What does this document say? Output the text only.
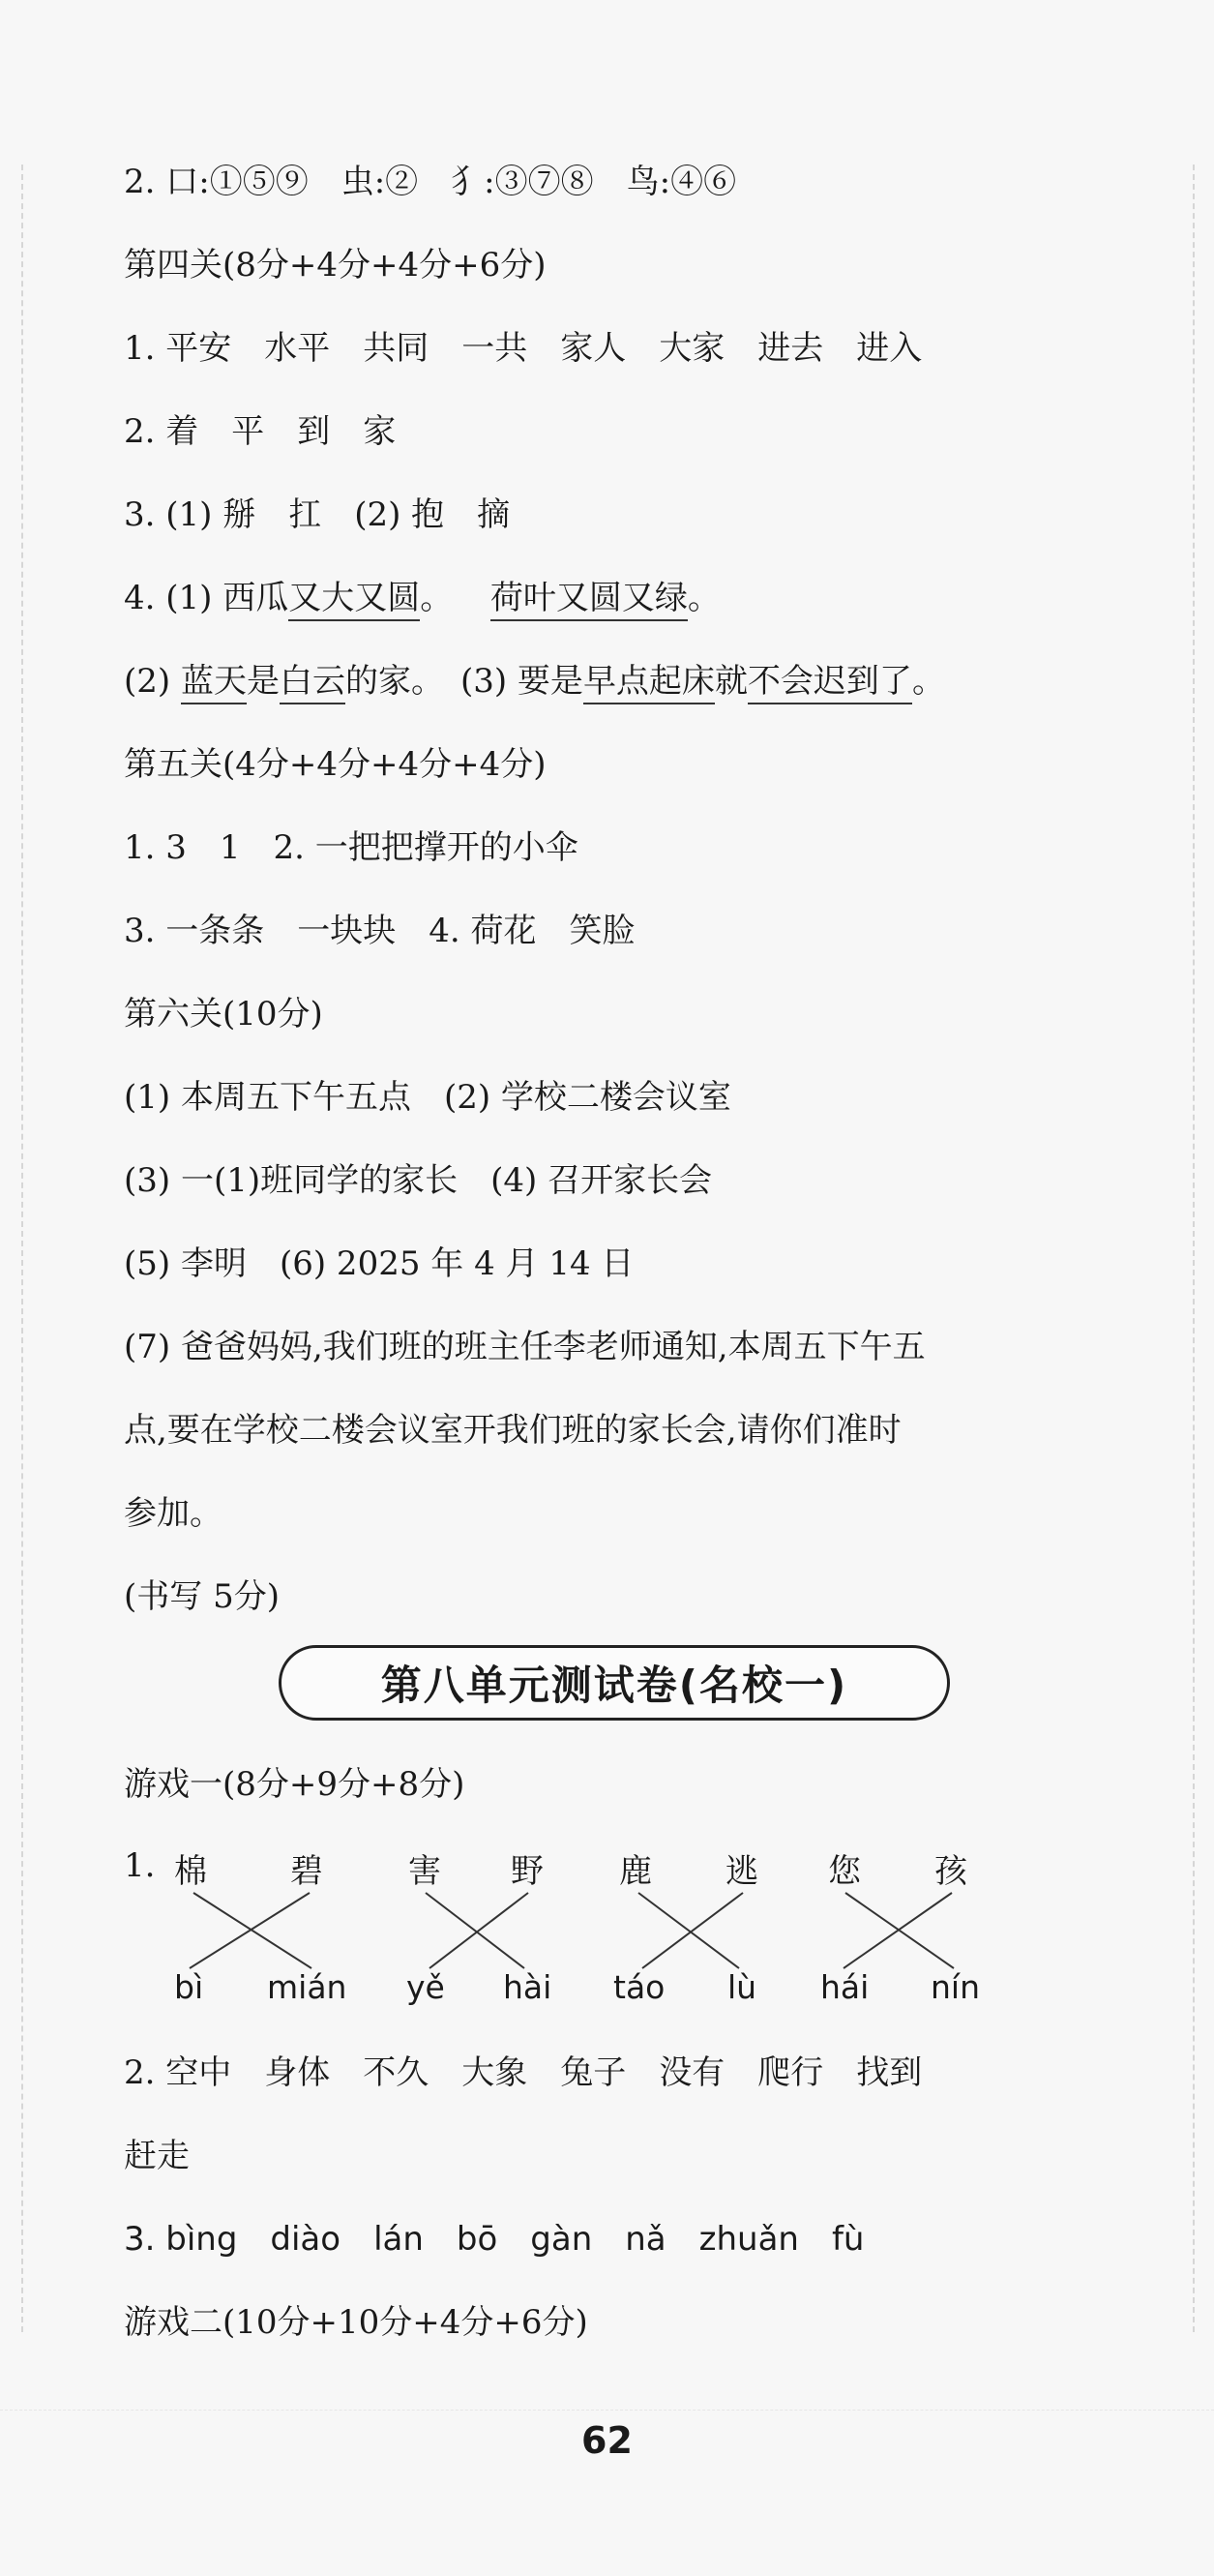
2. 口:①⑤⑨　虫:②　犭:③⑦⑧　鸟:④⑥
第四关(8分+4分+4分+6分)
1. 平安　水平　共同　一共　家人　大家　进去　进入
2. 着　平　到　家
3. (1) 掰　扛　(2) 抱　摘
4. (1) 西瓜又大又圆。　  荷叶又圆又绿。
(2) 蓝天是白云的家。　(3) 要是早点起床就不会迟到了。
第五关(4分+4分+4分+4分)
1. 3　1　2. 一把把撑开的小伞
3. 一条条　一块块　4. 荷花　笑脸
第六关(10分)
(1) 本周五下午五点　(2) 学校二楼会议室
(3) 一(1)班同学的家长　(4) 召开家长会
(5) 李明　(6) 2025 年 4 月 14 日
(7) 爸爸妈妈,我们班的班主任李老师通知,本周五下午五
点,要在学校二楼会议室开我们班的家长会,请你们准时
参加。
(书写 5分)
第八单元测试卷(名校一)
游戏一(8分+9分+8分)
1. 棉	碧	害 野 鹿 逃 您 孩
bì mián yě hài táo lù hái nín
2. 空中　身体　不久　大象　兔子　没有　爬行　找到
赶走
3. bìng　diào　lán　bō　gàn　nǎ　zhuǎn　fù
游戏二(10分+10分+4分+6分)
62
